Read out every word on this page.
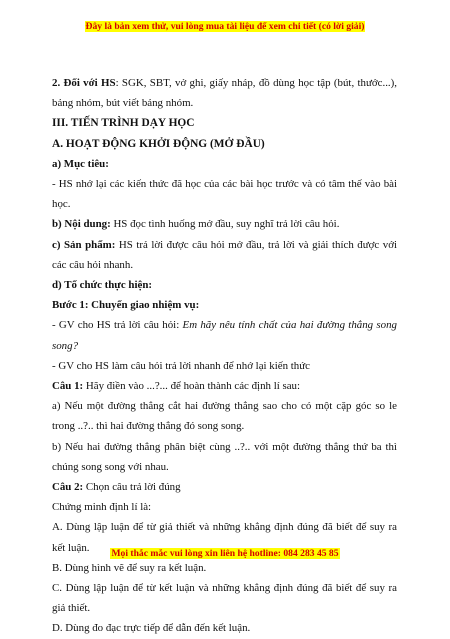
Đây là bản xem thử, vui lòng mua tài liệu để xem chi tiết (có lời giải)

2. Đối với HS: SGK, SBT, vở ghi, giấy nháp, đồ dùng học tập (bút, thước...), bảng nhóm, bút viết bảng nhóm.

III. TIẾN TRÌNH DẠY HỌC

A. HOẠT ĐỘNG KHỞI ĐỘNG (MỞ ĐẦU)

a) Mục tiêu:

- HS nhớ lại các kiến thức đã học của các bài học trước và có tâm thế vào bài học.

b) Nội dung: HS đọc tình huống mở đầu, suy nghĩ trả lời câu hỏi.

c) Sản phẩm: HS trả lời được câu hỏi mở đầu, trả lời và giải thích được với các câu hỏi nhanh.

d) Tổ chức thực hiện:

Bước 1: Chuyển giao nhiệm vụ:

- GV cho HS trả lời câu hỏi: Em hãy nêu tính chất của hai đường thẳng song song?

- GV cho HS làm câu hỏi trả lời nhanh để nhớ lại kiến thức

Câu 1: Hãy điền vào ...?... để hoàn thành các định lí sau:

a) Nếu một đường thẳng cắt hai đường thẳng sao cho có một cặp góc so le trong ..?.. thì hai đường thẳng đó song song.

b) Nếu hai đường thẳng phân biệt cùng ..?.. với một đường thẳng thứ ba thì chúng song song với nhau.

Câu 2: Chọn câu trả lời đúng

Chứng minh định lí là:

A. Dùng lập luận để từ giả thiết và những khẳng định đúng đã biết để suy ra kết luận.

B. Dùng hình vẽ để suy ra kết luận.

C. Dùng lập luận để từ kết luận và những khẳng định đúng đã biết để suy ra giả thiết.

D. Dùng đo đạc trực tiếp để dẫn đến kết luận.

Mọi thắc mắc vui lòng xin liên hệ hotline: 084 283 45 85
